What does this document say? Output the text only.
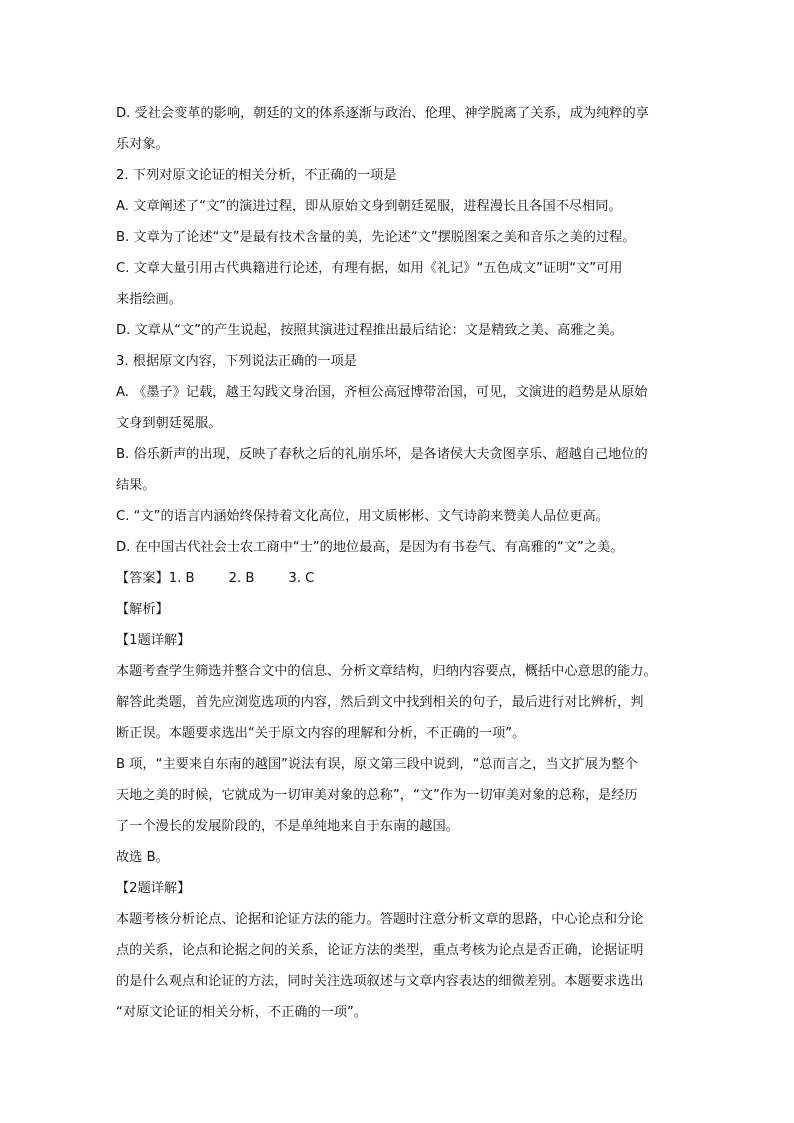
D. 受社会变革的影响，朝廷的文的体系逐渐与政治、伦理、神学脱离了关系，成为纯粹的享

乐对象。

2. 下列对原文论证的相关分析，不正确的一项是

A. 文章阐述了“文”的演进过程，即从原始文身到朝廷冕服，进程漫长且各国不尽相同。

B. 文章为了论述“文”是最有技术含量的美，先论述“文”摆脱图案之美和音乐之美的过程。

C. 文章大量引用古代典籍进行论述，有理有据，如用《礼记》“五色成文”证明“文”可用

来指绘画。

D. 文章从“文”的产生说起，按照其演进过程推出最后结论：文是精致之美、高雅之美。

3. 根据原文内容，下列说法正确的一项是

A. 《墨子》记载，越王勾践文身治国，齐桓公高冠博带治国，可见，文演进的趋势是从原始

文身到朝廷冕服。

B. 俗乐新声的出现，反映了春秋之后的礼崩乐坏，是各诸侯大夫贪图享乐、超越自己地位的

结果。

C. “文”的语言内涵始终保持着文化高位，用文质彬彬、文气诗韵来赞美人品位更高。

D. 在中国古代社会士农工商中“士”的地位最高，是因为有书卷气、有高雅的“文”之美。

【答案】 1. B	2. B	3. C

【解析】

【1题详解】

本题考查学生筛选并整合文中的信息、分析文章结构，归纳内容要点，概括中心意思的能力。

解答此类题，首先应浏览选项的内容，然后到文中找到相关的句子，最后进行对比辨析，判

断正误。本题要求选出“关于原文内容的理解和分析，不正确的一项”。

B 项，“主要来自东南的越国”说法有误，原文第三段中说到，“总而言之，当文扩展为整个

天地之美的时候，它就成为一切审美对象的总称”，“文”作为一切审美对象的总称，是经历

了一个漫长的发展阶段的，不是单纯地来自于东南的越国。

故选 B。

【2题详解】

本题考核分析论点、论据和论证方法的能力。答题时注意分析文章的思路，中心论点和分论

点的关系，论点和论据之间的关系，论证方法的类型，重点考核为论点是否正确，论据证明

的是什么观点和论证的方法，同时关注选项叙述与文章内容表达的细微差别。本题要求选出

“对原文论证的相关分析，不正确的一项”。
